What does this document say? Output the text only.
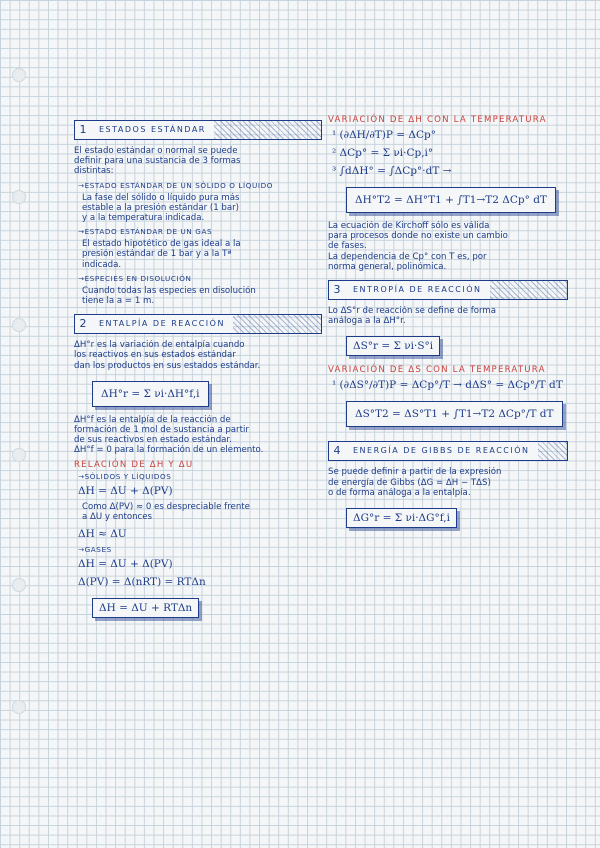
1	ESTADOS ESTÁNDAR

El estado estándar o normal se puede

definir para una sustancia de 3 formas

distintas:

→ ESTADO ESTÁNDAR DE UN SÓLIDO O LÍQUIDO

La fase del sólido o líquido pura más

estable a la presión estándar (1 bar)

y a la temperatura indicada.

→ ESTADO ESTÁNDAR DE UN GAS

El estado hipotético de gas ideal a la

presión estándar de 1 bar y a la Tª

indicada.

→ ESPECIES EN DISOLUCIÓN

Cuando todas las especies en disolución

tiene la a = 1 m.

2	ENTALPÍA DE REACCIÓN

ΔH°r es la variación de entalpía cuando

los reactivos en sus estados estándar

dan los productos en sus estados estándar.

ΔH°r = Σ νi·ΔH°f,i

ΔH°f es la entalpía de la reacción de

formación de 1 mol de sustancia a partir

de sus reactivos en estado estándar.

ΔH°f = 0 para la formación de un elemento.

RELACIÓN DE ΔH Y ΔU
→ SÓLIDOS Y LÍQUIDOS
ΔH = ΔU + Δ(PV)

Como Δ(PV) ≈ 0 es despreciable frente

a ΔU y entonces

ΔH ≈ ΔU
→ GASES
ΔH = ΔU + Δ(PV)
Δ(PV) = Δ(nRT) = RTΔn
ΔH = ΔU + RTΔn
VARIACIÓN DE ΔH CON LA TEMPERATURA
¹ (∂ΔH/∂T)P = ΔCp°
² ΔCp° = Σ νi·Cp,i°
³ ∫dΔH° = ∫ΔCp°·dT →
ΔH°T2 = ΔH°T1 + ∫T1→T2 ΔCp° dT

La ecuación de Kirchoff sólo es válida

para procesos donde no existe un cambio

de fases.

La dependencia de Cp° con T es, por

norma general, polinómica.

3	ENTROPÍA DE REACCIÓN

Lo ΔS°r de reacción se define de forma

análoga a la ΔH°r.

ΔS°r = Σ νi·S°i
VARIACIÓN DE ΔS CON LA TEMPERATURA
¹ (∂ΔS°/∂T)P = ΔCp°/T → dΔS° = ΔCp°/T dT
ΔS°T2 = ΔS°T1 + ∫T1→T2 ΔCp°/T dT
4	ENERGÍA DE GIBBS DE REACCIÓN

Se puede definir a partir de la expresión

de energía de Gibbs (ΔG = ΔH − TΔS)

o de forma análoga a la entalpía.

ΔG°r = Σ νi·ΔG°f,i
